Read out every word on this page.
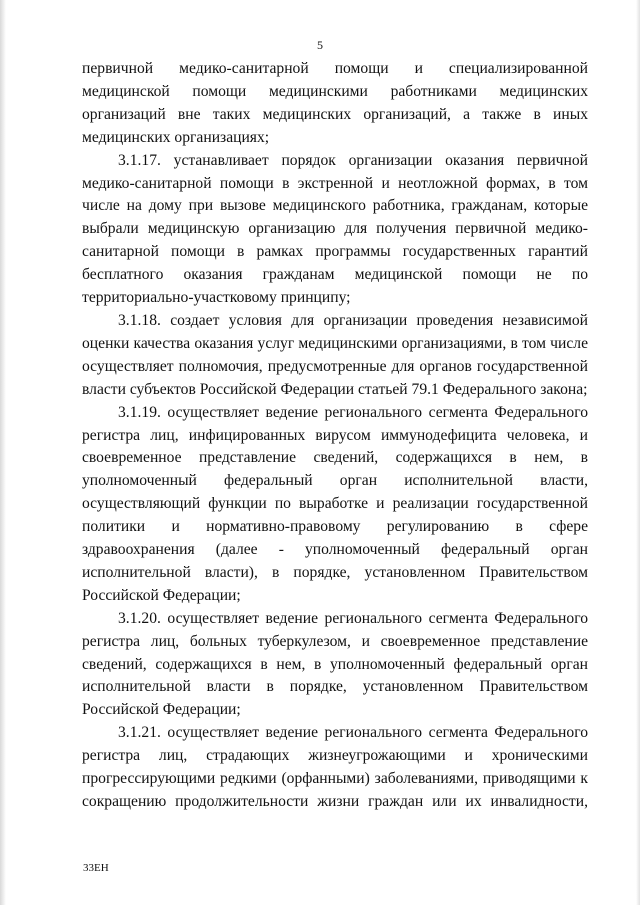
5

первичной медико-санитарной помощи и специализированной медицинской помощи медицинскими работниками медицинских организаций вне таких медицинских организаций, а также в иных медицинских организациях;

3.1.17. устанавливает порядок организации оказания первичной медико-санитарной помощи в экстренной и неотложной формах, в том числе на дому при вызове медицинского работника, гражданам, которые выбрали медицинскую организацию для получения первичной медико-санитарной помощи в рамках программы государственных гарантий бесплатного оказания гражданам медицинской помощи не по территориально-участковому принципу;

3.1.18. создает условия для организации проведения независимой оценки качества оказания услуг медицинскими организациями, в том числе осуществляет полномочия, предусмотренные для органов государственной власти субъектов Российской Федерации статьей 79.1 Федерального закона;

3.1.19. осуществляет ведение регионального сегмента Федерального регистра лиц, инфицированных вирусом иммунодефицита человека, и своевременное представление сведений, содержащихся в нем, в уполномоченный федеральный орган исполнительной власти, осуществляющий функции по выработке и реализации государственной политики и нормативно-правовому регулированию в сфере здравоохранения (далее - уполномоченный федеральный орган исполнительной власти), в порядке, установленном Правительством Российской Федерации;

3.1.20. осуществляет ведение регионального сегмента Федерального регистра лиц, больных туберкулезом, и своевременное представление сведений, содержащихся в нем, в уполномоченный федеральный орган исполнительной власти в порядке, установленном Правительством Российской Федерации;

3.1.21. осуществляет ведение регионального сегмента Федерального регистра лиц, страдающих жизнеугрожающими и хроническими прогрессирующими редкими (орфанными) заболеваниями, приводящими к сокращению продолжительности жизни граждан или их инвалидности,

33ЕН
